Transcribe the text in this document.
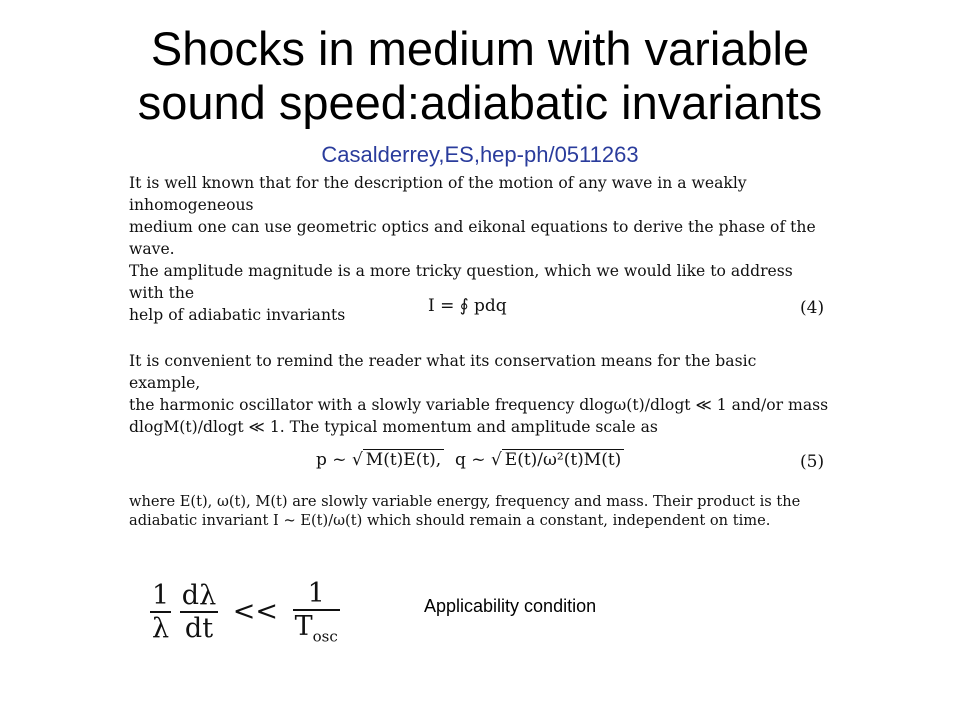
Shocks in medium with variable
sound speed:adiabatic invariants
Casalderrey,ES,hep-ph/0511263

It is well known that for the description of the motion of any wave in a weakly inhomogeneous

medium one can use geometric optics and eikonal equations to derive the phase of the wave.

The amplitude magnitude is a more tricky question, which we would like to address with the

help of adiabatic invariants	I = ∮ pdq	(4)

It is convenient to remind the reader what its conservation means for the basic example,

the harmonic oscillator with a slowly variable frequency dlogω(t)/dlogt ≪ 1 and/or mass

dlogM(t)/dlogt ≪ 1. The typical momentum and amplitude scale as

p ~ √ M(t)E(t), q ~ √ E(t)/ω²(t)M(t)	(5)

where E(t), ω(t), M(t) are slowly variable energy, frequency and mass. Their product is the

adiabatic invariant I ~ E(t)/ω(t) which should remain a constant, independent on time.

$\frac{1}{\lambda}$
$\frac{d\lambda}{dt} << \frac{1}{T_{osc}}$	Applicability condition
